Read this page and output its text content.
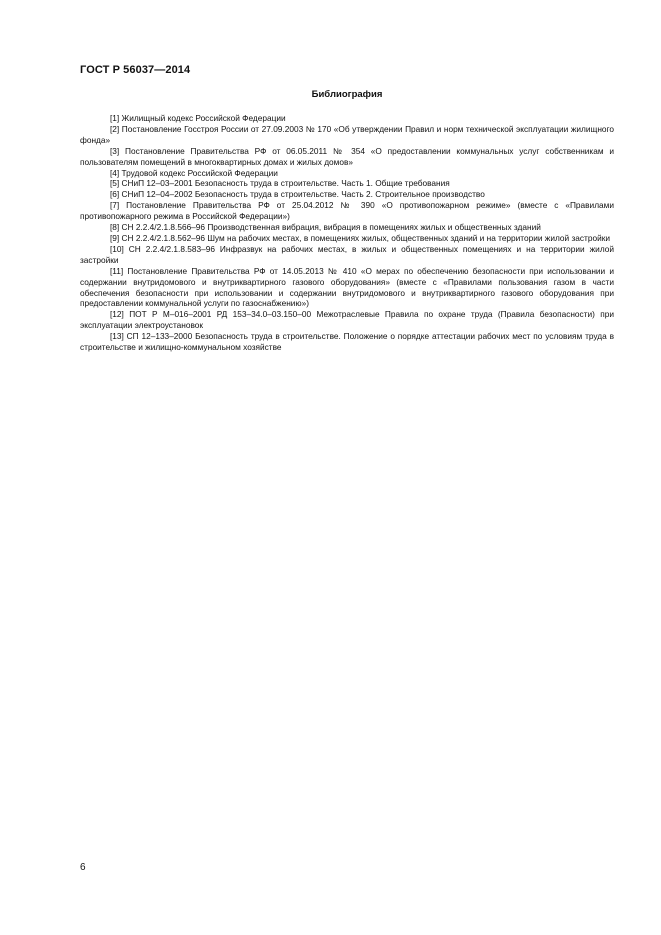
ГОСТ Р 56037—2014
Библиография

[1] Жилищный кодекс Российской Федерации

[2] Постановление Госстроя России от 27.09.2003 № 170 «Об утверждении Правил и норм технической эксплуатации жилищного фонда»

[3] Постановление Правительства РФ от 06.05.2011 № 354 «О предоставлении коммунальных услуг собственникам и пользователям помещений в многоквартирных домах и жилых домов»

[4] Трудовой кодекс Российской Федерации

[5] СНиП 12–03–2001 Безопасность труда в строительстве. Часть 1. Общие требования

[6] СНиП 12–04–2002 Безопасность труда в строительстве. Часть 2. Строительное производство

[7] Постановление Правительства РФ от 25.04.2012 № 390 «О противопожарном режиме» (вместе с «Правилами противопожарного режима в Российской Федерации»)

[8] СН 2.2.4/2.1.8.566–96 Производственная вибрация, вибрация в помещениях жилых и общественных зданий

[9] СН 2.2.4/2.1.8.562–96 Шум на рабочих местах, в помещениях жилых, общественных зданий и на территории жилой застройки

[10] СН 2.2.4/2.1.8.583–96 Инфразвук на рабочих местах, в жилых и общественных помещениях и на территории жилой застройки

[11] Постановление Правительства РФ от 14.05.2013 № 410 «О мерах по обеспечению безопасности при использовании и содержании внутридомового и внутриквартирного газового оборудования» (вместе с «Правилами пользования газом в части обеспечения безопасности при использовании и содержании внутридомового и внутриквартирного газового оборудования при предоставлении коммунальной услуги по газоснабжению»)

[12] ПОТ Р М–016–2001 РД 153–34.0–03.150–00 Межотраслевые Правила по охране труда (Правила безопасности) при эксплуатации электроустановок

[13] СП 12–133–2000 Безопасность труда в строительстве. Положение о порядке аттестации рабочих мест по условиям труда в строительстве и жилищно-коммунальном хозяйстве

6
